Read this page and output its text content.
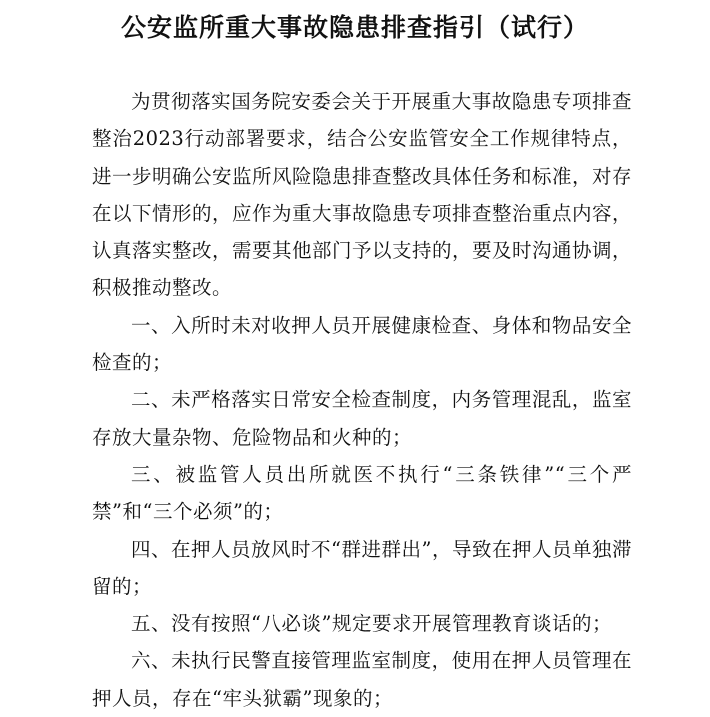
公安监所重大事故隐患排查指引（试行）

为贯彻落实国务院安委会关于开展重大事故隐患专项排查整治2023行动部署要求，结合公安监管安全工作规律特点，进一步明确公安监所风险隐患排查整改具体任务和标准，对存在以下情形的，应作为重大事故隐患专项排查整治重点内容，认真落实整改，需要其他部门予以支持的，要及时沟通协调，积极推动整改。

一、入所时未对收押人员开展健康检查、身体和物品安全检查的；

二、未严格落实日常安全检查制度，内务管理混乱，监室存放大量杂物、危险物品和火种的；

三、被监管人员出所就医不执行“三条铁律”“三个严禁”和“三个必须”的；

四、在押人员放风时不“群进群出”，导致在押人员单独滞留的；

五、没有按照“八必谈”规定要求开展管理教育谈话的；

六、未执行民警直接管理监室制度，使用在押人员管理在押人员，存在“牢头狱霸”现象的；
